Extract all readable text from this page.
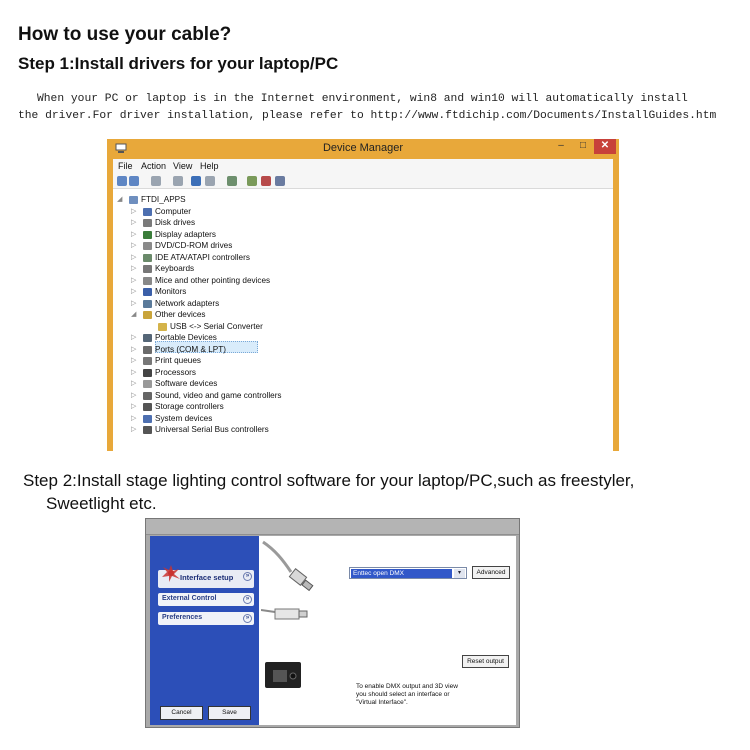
How to use your cable?
Step 1:Install drivers for your laptop/PC
When your PC or laptop is in the Internet environment, win8 and win10 will automatically install
the driver.For driver installation, please refer to http://www.ftdichip.com/Documents/InstallGuides.htm
Device Manager	–	□	✕
File Action View Help
◢ FTDI_APPS
▷ Computer
▷ Disk drives
▷ Display adapters
▷ DVD/CD-ROM drives
▷ IDE ATA/ATAPI controllers
▷ Keyboards
▷ Mice and other pointing devices
▷ Monitors
▷ Network adapters
◢ Other devices
USB <-> Serial Converter
▷ Portable Devices
▷ Ports (COM & LPT)
▷ Print queues
▷ Processors
▷ Software devices
▷ Sound, video and game controllers
▷ Storage controllers
▷ System devices
▷ Universal Serial Bus controllers
Step 2:Install stage lighting control software for your laptop/PC,such as freestyler,
Sweetlight etc.
Interface setup	»
External Control	»
Preferences	»
Cancel	Save
Enttec open DMX	▾	Advanced
Reset output
To enable DMX output and 3D view
you should select an interface or
"Virtual Interface".
